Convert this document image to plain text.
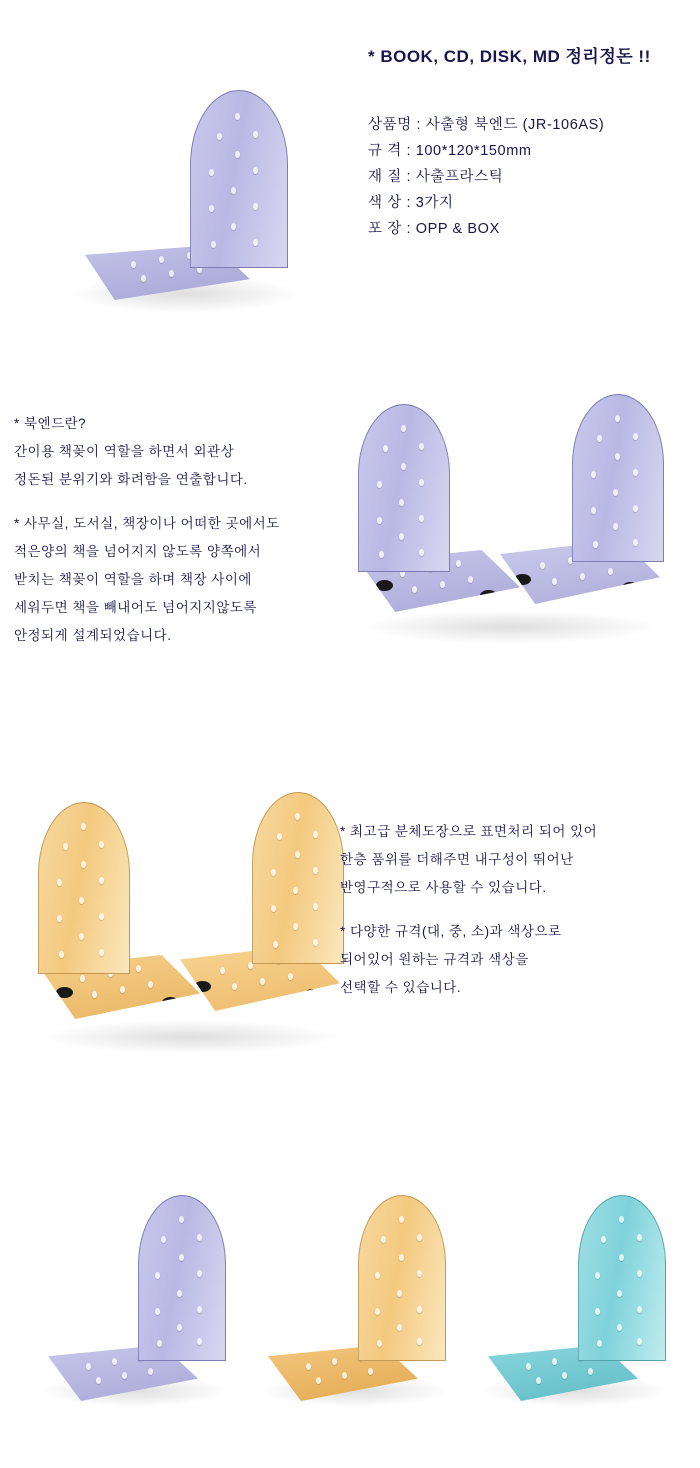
* BOOK, CD, DISK, MD 정리정돈 !!
상품명 : 사출형 북엔드 (JR-106AS)
규 격 : 100*120*150mm
재 질 : 사출프라스틱
색 상 : 3가지
포 장 : OPP & BOX
* 북엔드란?
간이용 책꽂이 역할을 하면서 외관상
정돈된 분위기와 화려함을 연출합니다.
* 사무실, 도서실, 책장이나 어떠한 곳에서도
적은양의 책을 넘어지지 않도록 양쪽에서
받치는 책꽂이 역할을 하며 책장 사이에
세워두면 책을 빼내어도 넘어지지않도록
안정되게 설계되었습니다.
* 최고급 분체도장으로 표면처리 되어 있어
한층 품위를 더해주면 내구성이 뛰어난
반영구적으로 사용할 수 있습니다.
* 다양한 규격(대, 중, 소)과 색상으로
되어있어 원하는 규격과 색상을
선택할 수 있습니다.
